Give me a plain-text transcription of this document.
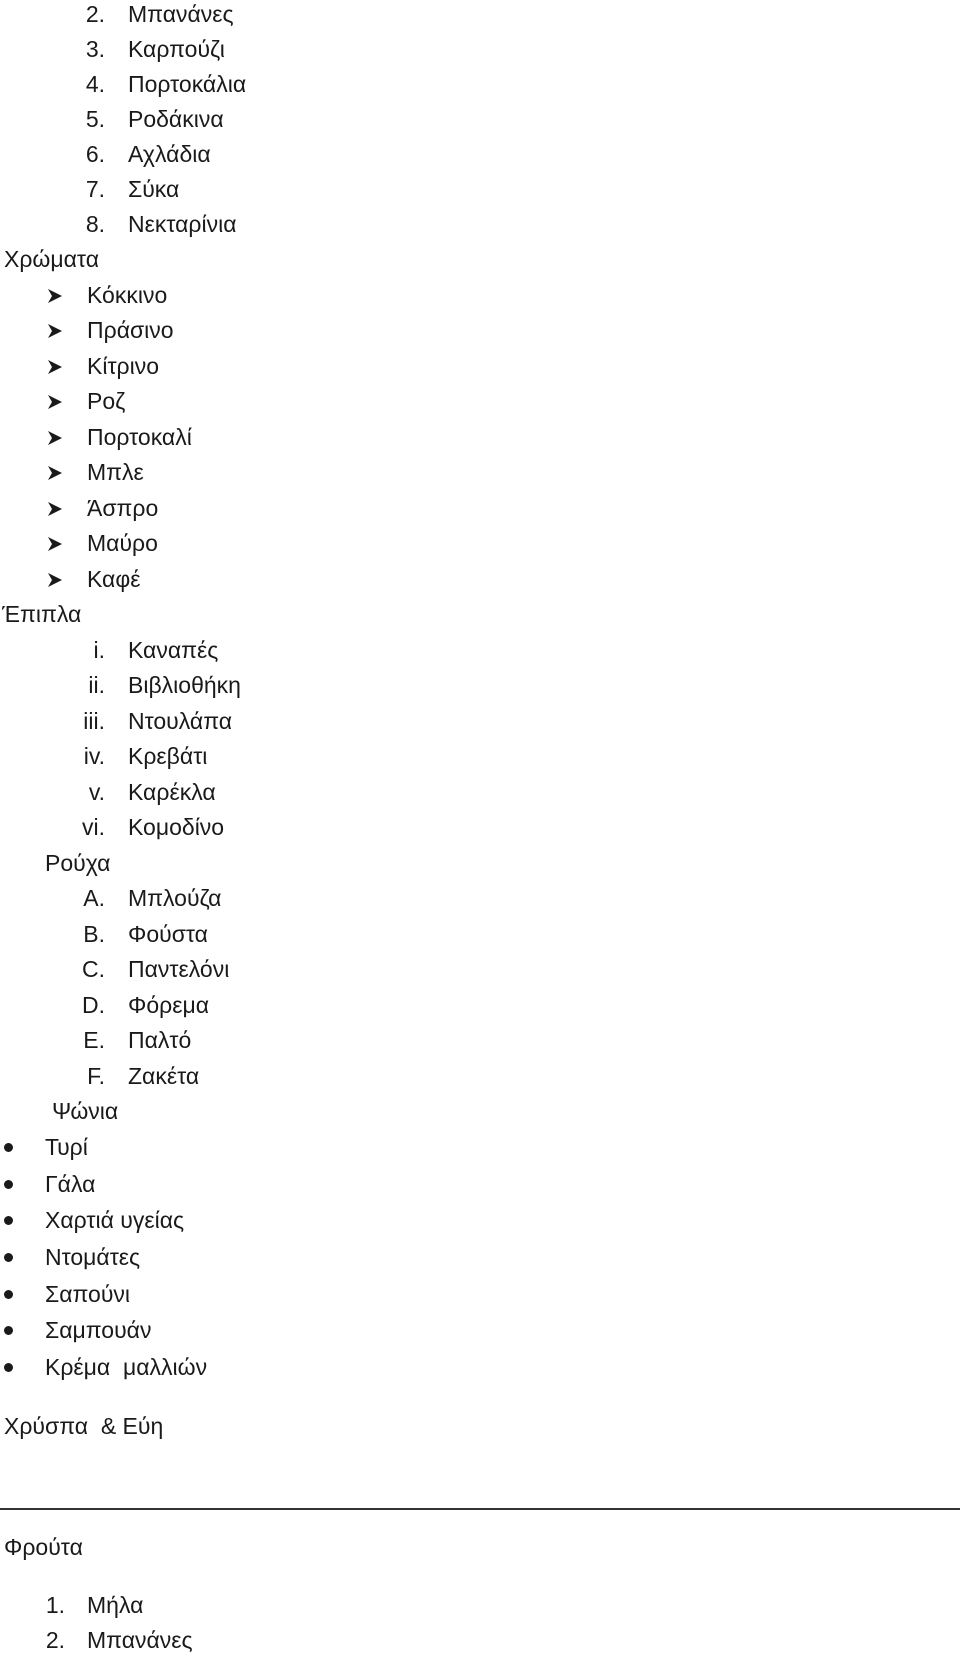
2. Μπανάνες
3. Καρπούζι
4. Πορτοκάλια
5. Ροδάκινα
6. Αχλάδια
7. Σύκα
8. Νεκταρίνια
Χρώματα
Κόκκινο
Πράσινο
Κίτρινο
Ροζ
Πορτοκαλί
Μπλε
Άσπρο
Μαύρο
Καφέ
Έπιπλα
i. Καναπές
ii. Βιβλιοθήκη
iii. Ντουλάπα
iv. Κρεβάτι
v. Καρέκλα
vi. Κομοδίνο
Ρούχα
A. Μπλούζα
B. Φούστα
C. Παντελόνι
D. Φόρεμα
E. Παλτό
F. Ζακέτα
Ψώνια
Τυρί
Γάλα
Χαρτιά υγείας
Ντομάτες
Σαπούνι
Σαμπουάν
Κρέμα  μαλλιών
Χρύσπα  & Εύη
Φρούτα
1. Μήλα
2. Μπανάνες
